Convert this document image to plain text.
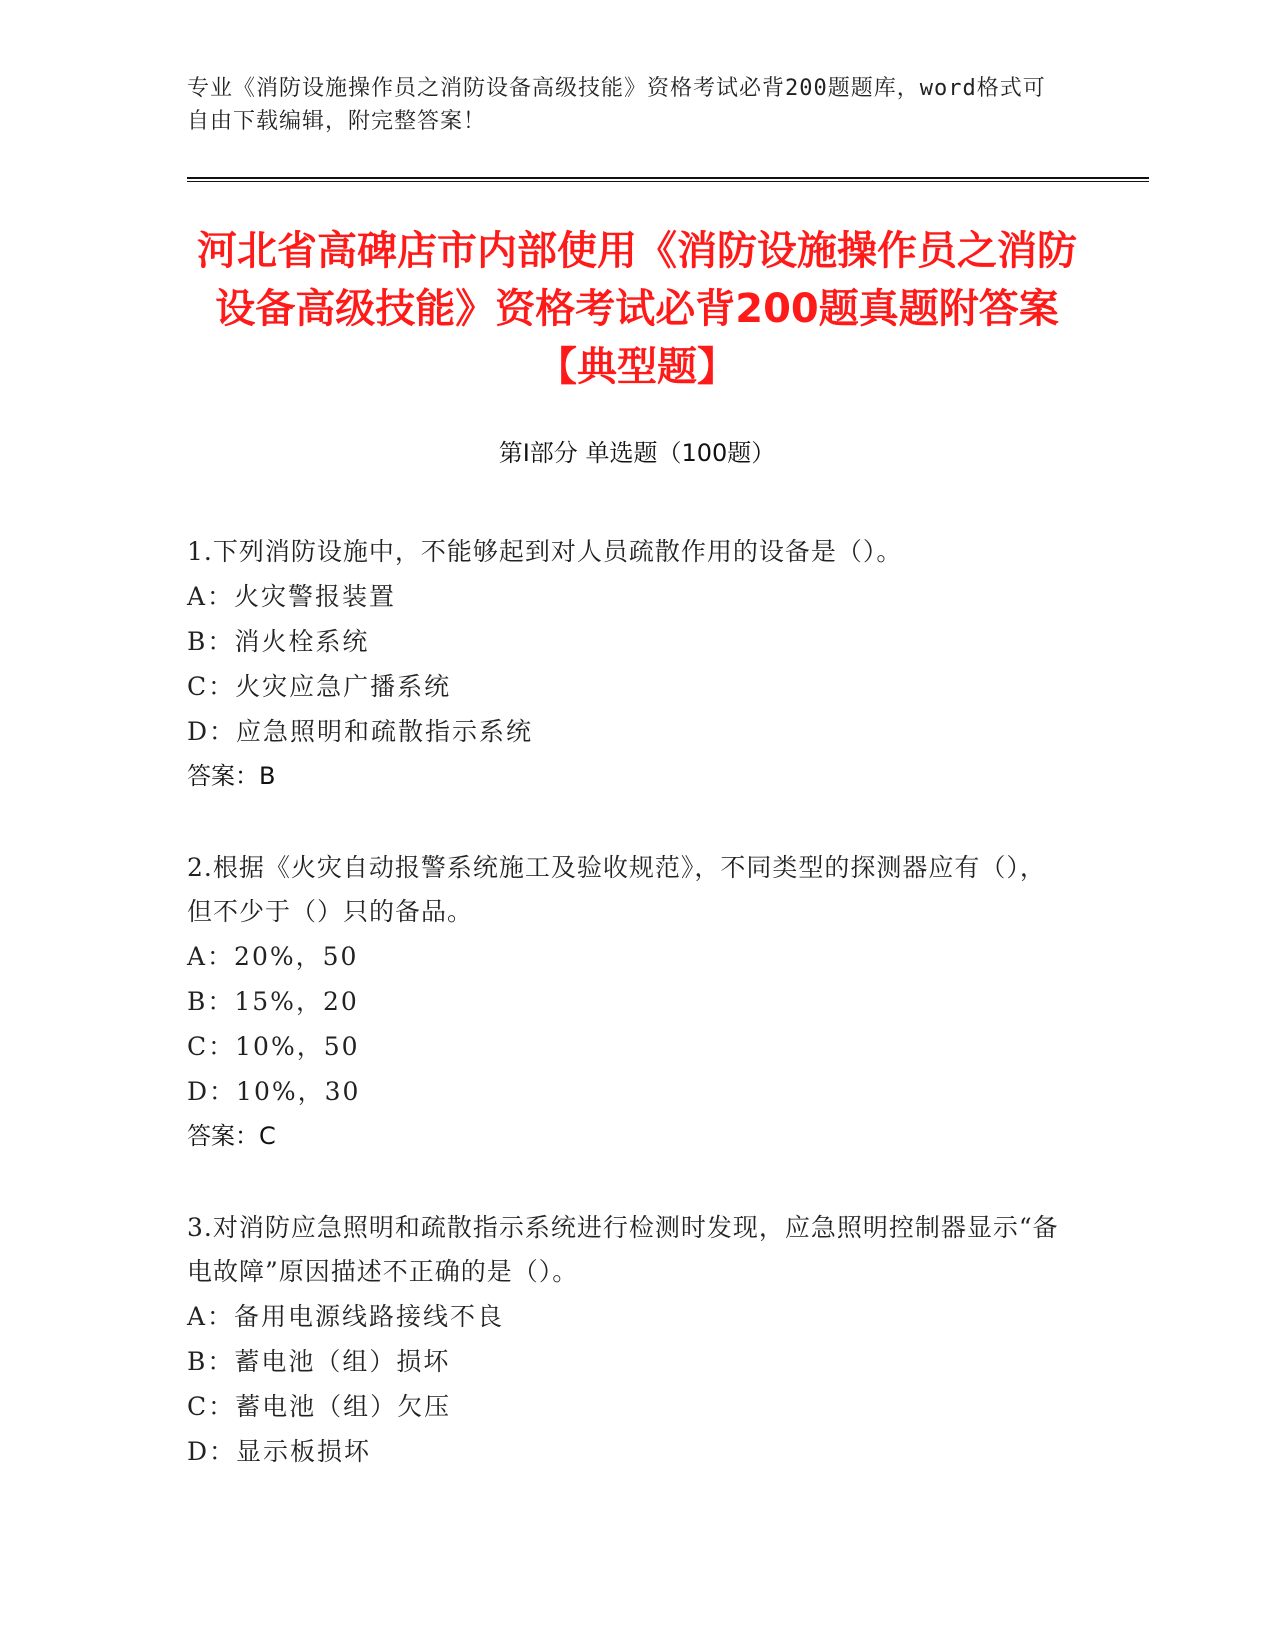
专业《消防设施操作员之消防设备高级技能》资格考试必背200题题库，word格式可自由下载编辑，附完整答案！
河北省高碑店市内部使用《消防设施操作员之消防设备高级技能》资格考试必背200题真题附答案【典型题】
第Ⅰ部分 单选题（100题）
1.下列消防设施中，不能够起到对人员疏散作用的设备是（）。
A：火灾警报装置
B：消火栓系统
C：火灾应急广播系统
D：应急照明和疏散指示系统
答案：B
2.根据《火灾自动报警系统施工及验收规范》，不同类型的探测器应有（），但不少于（）只的备品。
A：20%，50
B：15%，20
C：10%，50
D：10%，30
答案：C
3.对消防应急照明和疏散指示系统进行检测时发现，应急照明控制器显示“备电故障”原因描述不正确的是（）。
A：备用电源线路接线不良
B：蓄电池（组）损坏
C：蓄电池（组）欠压
D：显示板损坏
